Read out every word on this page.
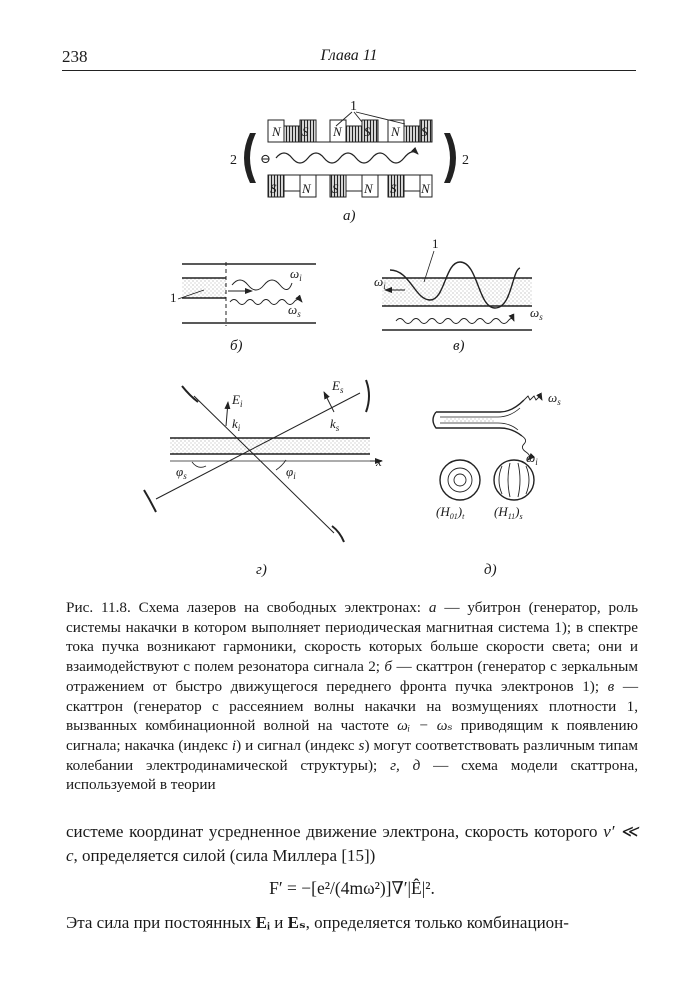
238	Глава 11
N S N S N S
S N S N S N
1
2	2
⊖
а)
1
$\omega_i$
$\omega_s$
б)
1
$\omega_i$
$\omega_s$
в)
x
$E_i$
$E_s$
$k_i$	$k_s$
$\varphi_s$	$\varphi_i$
г)
$\omega_s$
$\omega_i$
$(H_{01})_t$ $(H_{11})_s$
д)

Рис. 11.8. Схема лазеров на свободных электронах: а — убитрон (генератор, роль системы накачки в котором выполняет периодическая магнитная система 1); в спектре тока пучка возникают гармоники, скорость которых больше скорости света; они и взаимодействуют с полем резонатора сигнала 2; б — скаттрон (генератор с зеркальным отражением от быстро движущегося переднего фронта пучка электронов 1); в — скаттрон (генератор с рассеянием волны накачки на возмущениях плотности 1, вызванных комбинационной волной на частоте ωᵢ − ωₛ приводящим к появлению сигнала; накачка (индекс i) и сигнал (индекс s) могут соответствовать различным типам колебании электродинамической структуры); г, д — схема модели скаттрона, используемой в теории

системе координат усредненное движение электрона, скорость которого v′ ≪ c, определяется силой (сила Миллера [15])

F′ = −[e²/(4mω²)]∇′|Ê|².

Эта сила при постоянных Eᵢ и Eₛ, определяется только комбинацион-
